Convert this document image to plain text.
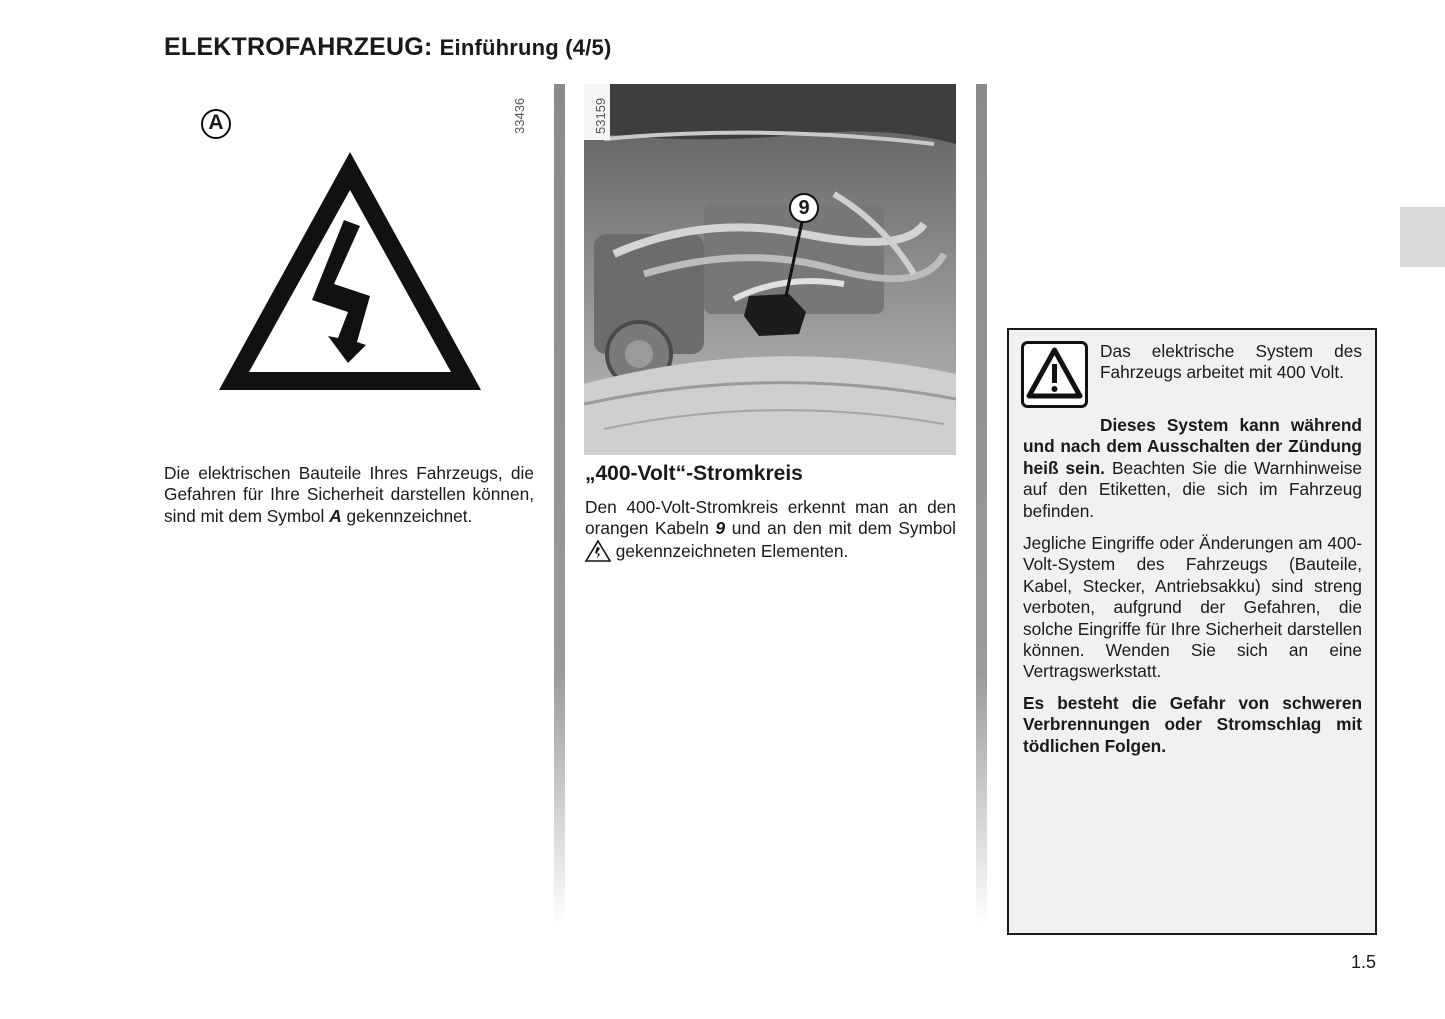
ELEKTROFAHRZEUG: Einführung (4/5)
A	33436
Die elektrischen Bauteile Ihres Fahrzeugs, die Gefahren für Ihre Sicherheit darstellen können, sind mit dem Symbol A gekennzeichnet.
9
53159
„400-Volt“-Stromkreis
Den 400-Volt-Stromkreis erkennt man an den orangen Kabeln 9 und an den mit dem Symbol  gekennzeichneten Elementen.

Das elektrische System des Fahrzeugs arbeitet mit 400 Volt.

Dieses System kann während und nach dem Ausschalten der Zündung heiß sein. Beachten Sie die Warnhinweise auf den Etiketten, die sich im Fahrzeug befinden.

Jegliche Eingriffe oder Änderungen am 400-Volt-System des Fahrzeugs (Bauteile, Kabel, Stecker, Antriebsakku) sind streng verboten, aufgrund der Gefahren, die solche Eingriffe für Ihre Sicherheit darstellen können. Wenden Sie sich an eine Vertragswerkstatt.

Es besteht die Gefahr von schweren Verbrennungen oder Stromschlag mit tödlichen Folgen.

1.5
